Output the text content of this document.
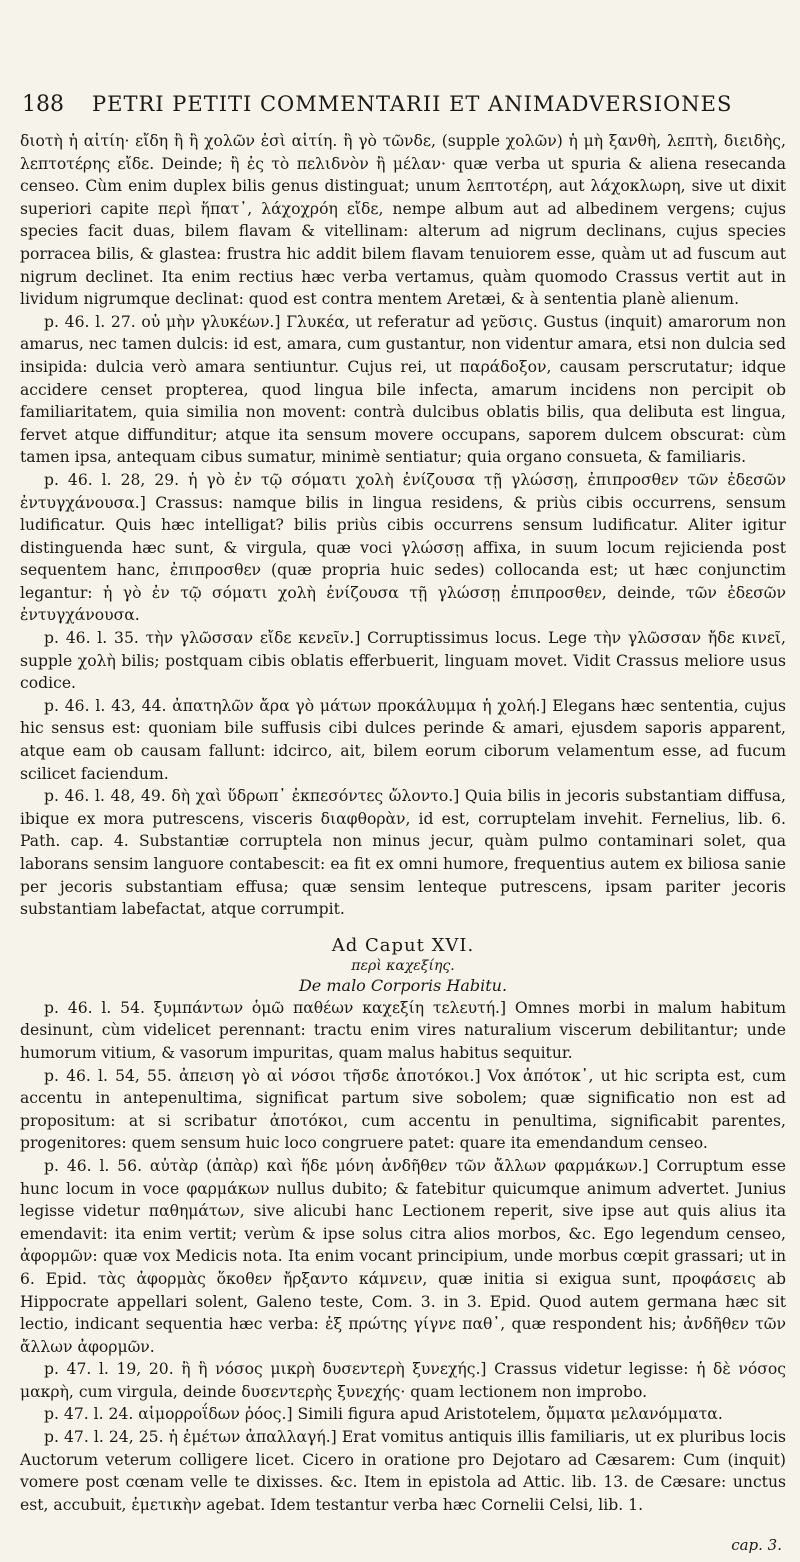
188 PETRI PETITI COMMENTARII ET ANIMADVERSIONES

διοτὴ ἡ αἰτίη· εἴδη ἢ ἢ χολῶν ἐσὶ αἰτίη. ἢ γὸ τῶνδε, (supple χολῶν) ἡ μὴ ξανθὴ, λεπτὴ, διειδὴς, λεπτοτέρης εἴδε. Deinde; ἢ ἐς τὸ πελιδνὸν ἢ μέλαν· quæ verba ut spuria & aliena resecanda censeo. Cùm enim duplex bilis genus distinguat; unum λεπτοτέρη, aut λάχοκλωρη, sive ut dixit superiori capite περὶ ἥπατ᾽, λάχοχρόη εἴδε, nempe album aut ad albedinem vergens; cujus species facit duas, bilem flavam & vitellinam: alterum ad nigrum declinans, cujus species porracea bilis, & glastea: frustra hic addit bilem flavam tenuiorem esse, quàm ut ad fuscum aut nigrum declinet. Ita enim rectius hæc verba vertamus, quàm quomodo Crassus vertit aut in lividum nigrumque declinat: quod est contra mentem Aretæi, & à sententia planè alienum.

p. 46. l. 27. οὐ μὴν γλυκέων.] Γλυκέα, ut referatur ad γεῦσις. Gustus (inquit) amarorum non amarus, nec tamen dulcis: id est, amara, cum gustantur, non videntur amara, etsi non dulcia sed insipida: dulcia verò amara sentiuntur. Cujus rei, ut παράδοξον, causam perscrutatur; idque accidere censet propterea, quod lingua bile infecta, amarum incidens non percipit ob familiaritatem, quia similia non movent: contrà dulcibus oblatis bilis, qua delibuta est lingua, fervet atque diffunditur; atque ita sensum movere occupans, saporem dulcem obscurat: cùm tamen ipsa, antequam cibus sumatur, minimè sentiatur; quia organo consueta, & familiaris.

p. 46. l. 28, 29. ἡ γὸ ἐν τῷ σόματι χολὴ ἐνίζουσα τῇ γλώσσῃ, ἐπιπροσθεν τῶν ἐδεσῶν ἐντυγχάνουσα.] Crassus: namque bilis in lingua residens, & priùs cibis occurrens, sensum ludificatur. Quis hæc intelligat? bilis priùs cibis occurrens sensum ludificatur. Aliter igitur distinguenda hæc sunt, & virgula, quæ voci γλώσσῃ affixa, in suum locum rejicienda post sequentem hanc, ἐπιπροσθεν (quæ propria huic sedes) collocanda est; ut hæc conjunctim legantur: ἡ γὸ ἐν τῷ σόματι χολὴ ἐνίζουσα τῇ γλώσσῃ ἐπιπροσθεν, deinde, τῶν ἐδεσῶν ἐντυγχάνουσα.

p. 46. l. 35. τὴν γλῶσσαν εἴδε κενεῖν.] Corruptissimus locus. Lege τὴν γλῶσσαν ἤδε κινεῖ, supple χολὴ bilis; postquam cibis oblatis efferbuerit, linguam movet. Vidit Crassus meliore usus codice.

p. 46. l. 43, 44. ἀπατηλῶν ἄρα γὸ μάτων προκάλυμμα ἡ χολή.] Elegans hæc sententia, cujus hic sensus est: quoniam bile suffusis cibi dulces perinde & amari, ejusdem saporis apparent, atque eam ob causam fallunt: idcirco, ait, bilem eorum ciborum velamentum esse, ad fucum scilicet faciendum.

p. 46. l. 48, 49. δὴ χαὶ ὕδρωπ᾽ ἐκπεσόντες ὤλοντο.] Quia bilis in jecoris substantiam diffusa, ibique ex mora putrescens, visceris διαφθορὰν, id est, corruptelam invehit. Fernelius, lib. 6. Path. cap. 4. Substantiæ corruptela non minus jecur, quàm pulmo contaminari solet, qua laborans sensim languore contabescit: ea fit ex omni humore, frequentius autem ex biliosa sanie per jecoris substantiam effusa; quæ sensim lenteque putrescens, ipsam pariter jecoris substantiam labefactat, atque corrumpit.

Ad Caput XVI.
περὶ καχεξίης.
De malo Corporis Habitu.

p. 46. l. 54. ξυμπάντων ὁμῶ παθέων καχεξίη τελευτή.] Omnes morbi in malum habitum desinunt, cùm videlicet perennant: tractu enim vires naturalium viscerum debilitantur; unde humorum vitium, & vasorum impuritas, quam malus habitus sequitur.

p. 46. l. 54, 55. ἀπειση γὸ αἱ νόσοι τῆσδε ἀποτόκοι.] Vox ἀπότοκ᾽, ut hic scripta est, cum accentu in antepenultima, significat partum sive sobolem; quæ significatio non est ad propositum: at si scribatur ἀποτόκοι, cum accentu in penultima, significabit parentes, progenitores: quem sensum huic loco congruere patet: quare ita emendandum censeo.

p. 46. l. 56. αὐτὰρ (ἀπὰρ) καὶ ἥδε μόνη ἀνδῆθεν τῶν ἄλλων φαρμάκων.] Corruptum esse hunc locum in voce φαρμάκων nullus dubito; & fatebitur quicumque animum advertet. Junius legisse videtur παθημάτων, sive alicubi hanc Lectionem reperit, sive ipse aut quis alius ita emendavit: ita enim vertit; verùm & ipse solus citra alios morbos, &c. Ego legendum censeo, ἀφορμῶν: quæ vox Medicis nota. Ita enim vocant principium, unde morbus cœpit grassari; ut in 6. Epid. τὰς ἀφορμὰς ὅκοθεν ἤρξαντο κάμνειν, quæ initia si exigua sunt, προφάσεις ab Hippocrate appellari solent, Galeno teste, Com. 3. in 3. Epid. Quod autem germana hæc sit lectio, indicant sequentia hæc verba: ἐξ πρώτης γίγνε παθ᾽, quæ respondent his; ἀνδῆθεν τῶν ἄλλων ἀφορμῶν.

p. 47. l. 19, 20. ἢ ἢ νόσος μικρὴ δυσεντερὴ ξυνεχής.] Crassus videtur legisse: ἡ δὲ νόσος μακρὴ, cum virgula, deinde δυσεντερὴς ξυνεχής· quam lectionem non improbo.

p. 47. l. 24. αἱμορροΐδων ῥόος.] Simili figura apud Aristotelem, ὄμματα μελανόμματα.

p. 47. l. 24, 25. ἡ ἐμέτων ἀπαλλαγή.] Erat vomitus antiquis illis familiaris, ut ex pluribus locis Auctorum veterum colligere licet. Cicero in oratione pro Dejotaro ad Cæsarem: Cum (inquit) vomere post cœnam velle te dixisses. &c. Item in epistola ad Attic. lib. 13. de Cæsare: unctus est, accubuit, ἐμετικὴν agebat. Idem testantur verba hæc Cornelii Celsi, lib. 1.

cap. 3.
